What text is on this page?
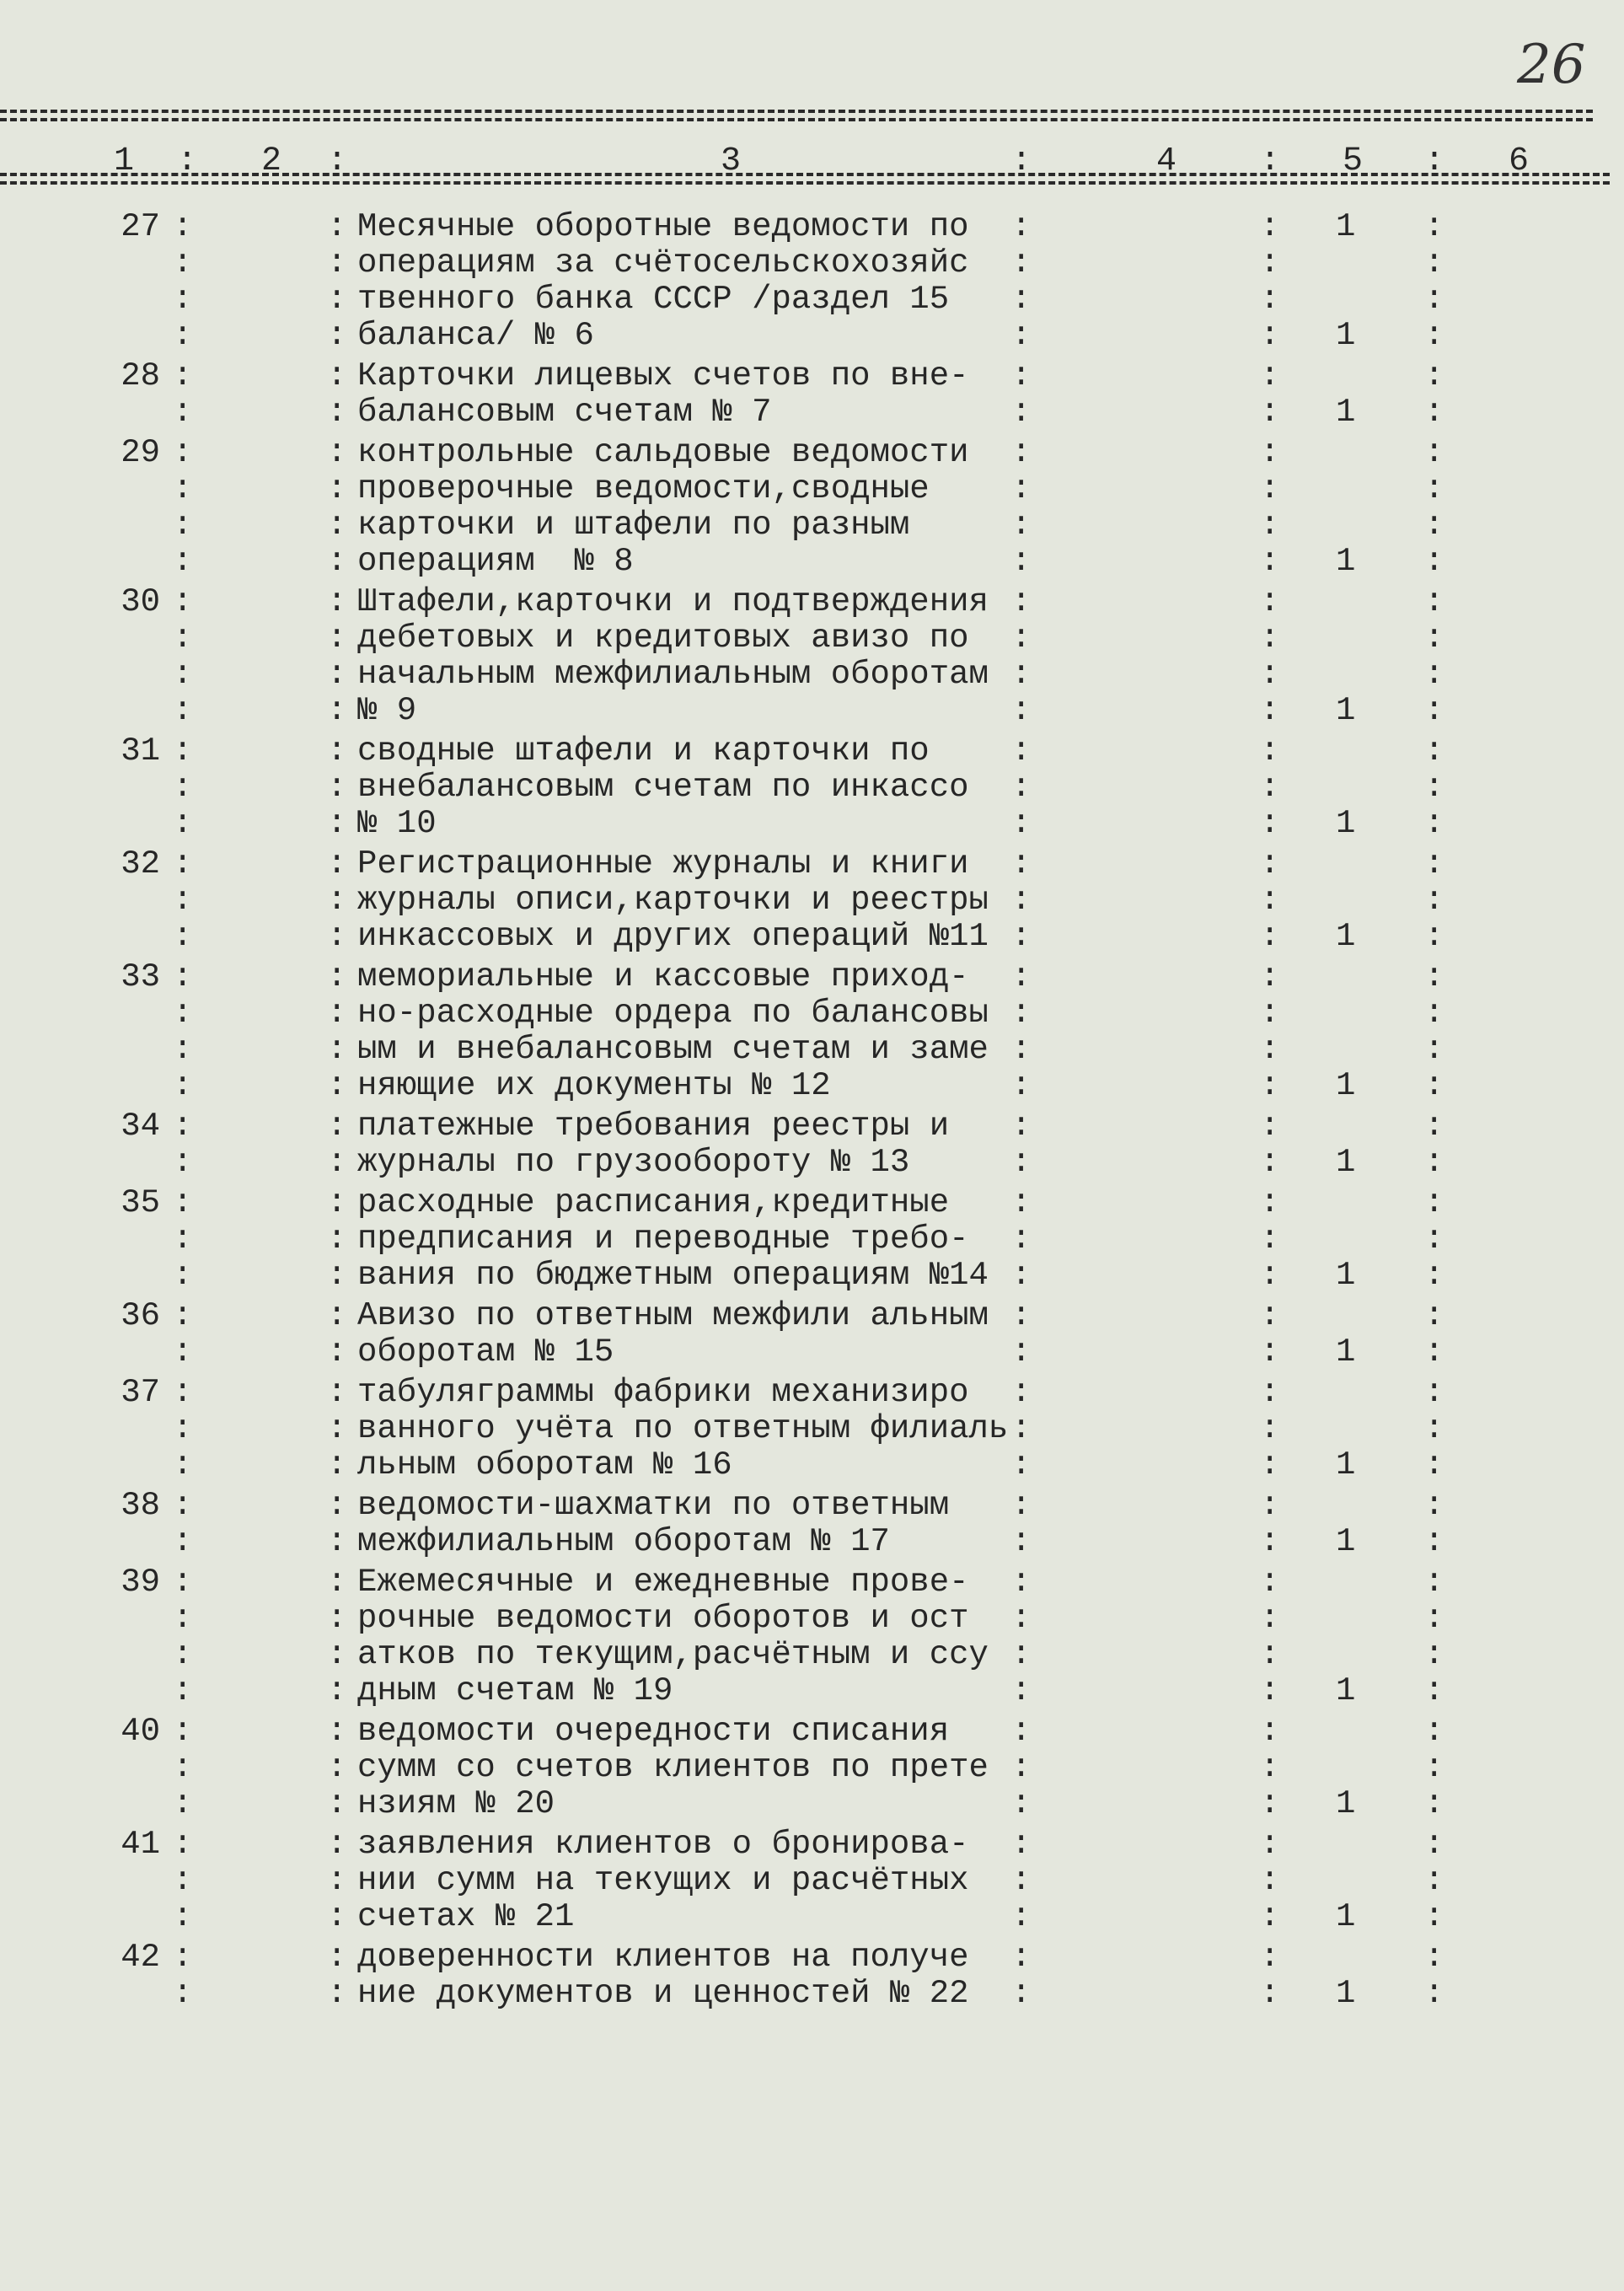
26
1 : 2 :	3	:	4 : 5 : 6
27 :	: Месячные оборотные ведомости по :	: 1 :
:	: операциям за счётосельскохозяйс :	:	:
:	: твенного банка СССР /раздел 15 :	:	:
:	: баланса/ № 6	:	: 1 :
28 :	: Карточки лицевых счетов по вне- :	:	:
:	: балансовым счетам № 7	:	: 1 :
29 :	: контрольные сальдовые ведомости :	:	:
:	: проверочные ведомости,сводные :	:	:
:	: карточки и штафели по разным	:	:	:
:	: операциям  № 8	:	: 1 :
30 :	: Штафели,карточки и подтверждения :	:	:
:	: дебетовых и кредитовых авизо по :	:	:
:	: начальным межфилиальным оборотам :	:	:
:	: № 9	:	: 1 :
31 :	: сводные штафели и карточки по :	:	:
:	: внебалансовым счетам по инкассо :	:	:
:	: № 10	:	: 1 :
32 :	: Регистрационные журналы и книги :	:	:
:	: журналы описи,карточки и реестры :	:	:
:	: инкассовых и других операций №11 :	: 1 :
33 :	: мемориальные и кассовые приход- :	:	:
:	: но-расходные ордера по балансовы :	:	:
:	: ым и внебалансовым счетам и заме :	:	:
:	: няющие их документы № 12	:	: 1 :
34 :	: платежные требования реестры и :	:	:
:	: журналы по грузообороту № 13	:	: 1 :
35 :	: расходные расписания,кредитные :	:	:
:	: предписания и переводные требо- :	:	:
:	: вания по бюджетным операциям №14 :	: 1 :
36 :	: Авизо по ответным межфили альным :	:	:
:	: оборотам № 15	:	: 1 :
37 :	: табуляграммы фабрики механизиро :	:	:
:	: ванного учёта по ответным филиаль :	:	:
:	: льным оборотам № 16	:	: 1 :
38 :	: ведомости-шахматки по ответным :	:	:
:	: межфилиальным оборотам № 17	:	: 1 :
39 :	: Ежемесячные и ежедневные прове- :	:	:
:	: рочные ведомости оборотов и ост :	:	:
:	: атков по текущим,расчётным и ссу :	:	:
:	: дным счетам № 19	:	: 1 :
40 :	: ведомости очередности списания :	:	:
:	: сумм со счетов клиентов по прете :	:	:
:	: нзиям № 20	:	: 1 :
41 :	: заявления клиентов о бронирова- :	:	:
:	: нии сумм на текущих и расчётных :	:	:
:	: счетах № 21	:	: 1 :
42 :	: доверенности клиентов на получе :	:	:
:	: ние документов и ценностей № 22 :	: 1 :
